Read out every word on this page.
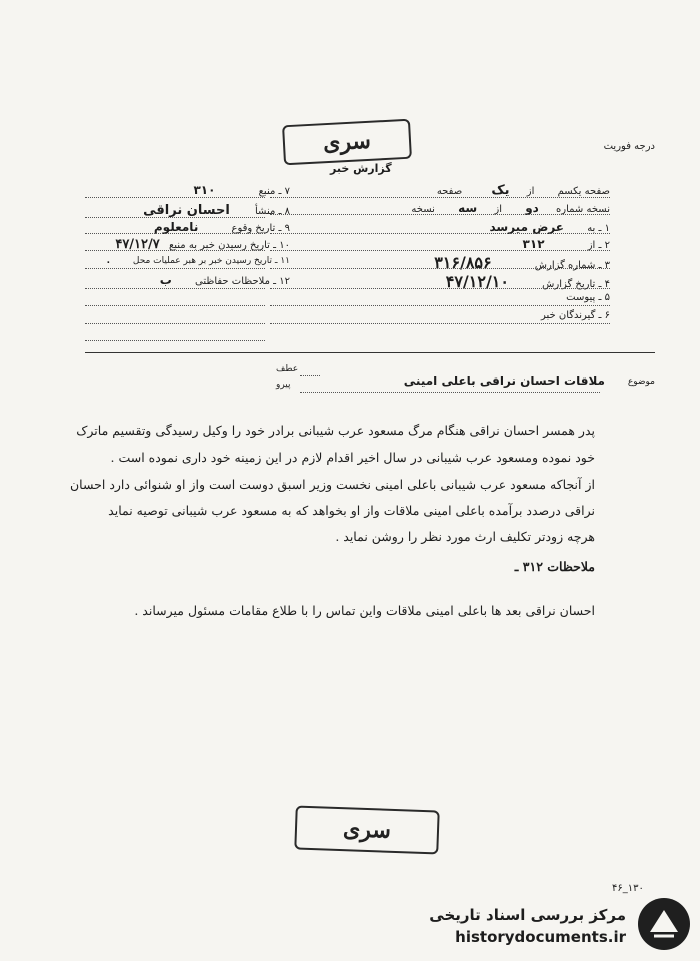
درجه فوریت
سری
گزارش خبر
صفحه یکسم از یک صفحه
نسخه شماره دو از سه نسخه
۱ ـ به عرض میرسد
۲ ـ از ۳۱۲
۳ ـ شماره گزارش ۳۱۶/۸۵۶
۴ ـ تاریخ گزارش ۴۷/۱۲/۱۰
۵ ـ پیوست
۶ ـ گیرندگان خبر
۷ ـ منبع ۳۱۰
۸ ـ منشأ احسان نراقی
۹ ـ تاریخ وقوع نامعلوم
۱۰ ـ تاریخ رسیدن خبر به منبع ۴۷/۱۲/۷
۱۱ ـ تاریخ رسیدن خبر بر هبر عملیات محل .
۱۲ ـ ملاحظات حفاظتی ب
عطف
پیرو	موضوع
ملاقات احسان نراقی باعلی امینی
پدر همسر احسان نراقی هنگام مرگ مسعود عرب شیبانی برادر خود را وکیل رسیدگی وتقسیم ماترک
خود نموده ومسعود عرب شیبانی در سال اخیر اقدام لازم در این زمینه خود داری نموده است .
از آنجاکه مسعود عرب شیبانی باعلی امینی نخست وزیر اسبق دوست است واز او شنوائی دارد احسان
نراقی درصدد برآمده باعلی امینی ملاقات واز او بخواهد که به مسعود عرب شیبانی توصیه نماید
هرچه زودتر تکلیف ارث مورد نظر را روشن نماید .
ملاحظات ۳۱۲ ـ
احسان نراقی بعد ها باعلی امینی ملاقات واین تماس را با طلاع مقامات مسئول میرساند .
سری
۴۶_۱۳۰
مرکز بررسی اسناد تاریخی
historydocuments.ir
